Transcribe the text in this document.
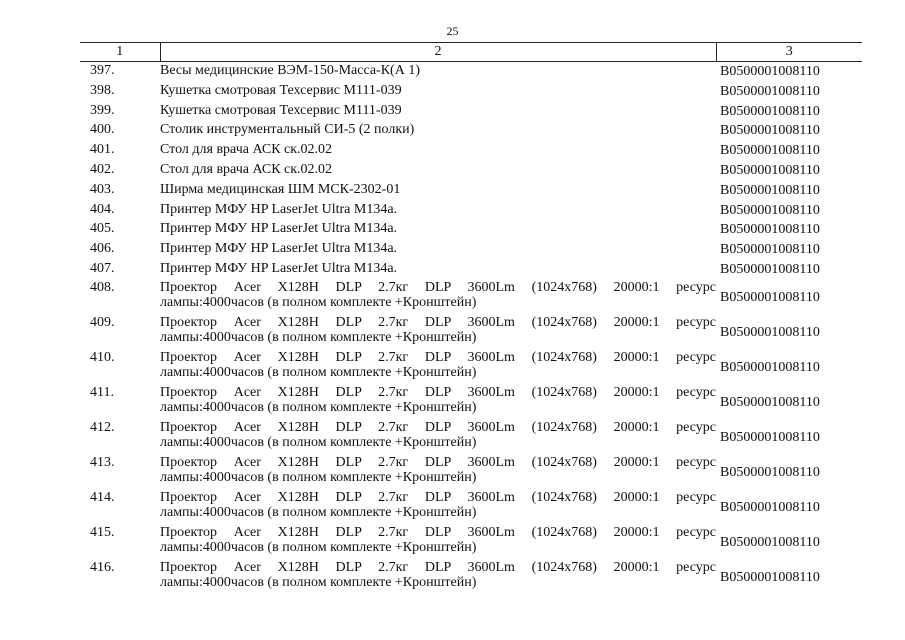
25
1	2	3
397.	Весы медицинские ВЭМ-150-Масса-К(А 1)	B0500001008110
398.	Кушетка смотровая Техсервис М111-039	B0500001008110
399.	Кушетка смотровая Техсервис М111-039	B0500001008110
400.	Столик инструментальный СИ-5 (2 полки)	B0500001008110
401.	Стол для врача АСК ск.02.02	B0500001008110
402.	Стол для врача АСК ск.02.02	B0500001008110
403.	Ширма медицинская ШМ МСК-2302-01	B0500001008110
404.	Принтер МФУ HP LaserJet Ultra M134a.	B0500001008110
405.	Принтер МФУ HP LaserJet Ultra M134a.	B0500001008110
406.	Принтер МФУ HP LaserJet Ultra M134a.	B0500001008110
407.	Принтер МФУ HP LaserJet Ultra M134a.	B0500001008110
408.	Проектор Acer X128H DLP 2.7кг DLP 3600Lm (1024x768) 20000:1 ресурс
лампы:4000часов (в полном комплекте +Кронштейн)	B0500001008110
409.	Проектор Acer X128H DLP 2.7кг DLP 3600Lm (1024x768) 20000:1 ресурс
лампы:4000часов (в полном комплекте +Кронштейн)	B0500001008110
410.	Проектор Acer X128H DLP 2.7кг DLP 3600Lm (1024x768) 20000:1 ресурс
лампы:4000часов (в полном комплекте +Кронштейн)	B0500001008110
411.	Проектор Acer X128H DLP 2.7кг DLP 3600Lm (1024x768) 20000:1 ресурс
лампы:4000часов (в полном комплекте +Кронштейн)	B0500001008110
412.	Проектор Acer X128H DLP 2.7кг DLP 3600Lm (1024x768) 20000:1 ресурс
лампы:4000часов (в полном комплекте +Кронштейн)	B0500001008110
413.	Проектор Acer X128H DLP 2.7кг DLP 3600Lm (1024x768) 20000:1 ресурс
лампы:4000часов (в полном комплекте +Кронштейн)	B0500001008110
414.	Проектор Acer X128H DLP 2.7кг DLP 3600Lm (1024x768) 20000:1 ресурс
лампы:4000часов (в полном комплекте +Кронштейн)	B0500001008110
415.	Проектор Acer X128H DLP 2.7кг DLP 3600Lm (1024x768) 20000:1 ресурс
лампы:4000часов (в полном комплекте +Кронштейн)	B0500001008110
416.	Проектор Acer X128H DLP 2.7кг DLP 3600Lm (1024x768) 20000:1 ресурс
лампы:4000часов (в полном комплекте +Кронштейн)	B0500001008110
